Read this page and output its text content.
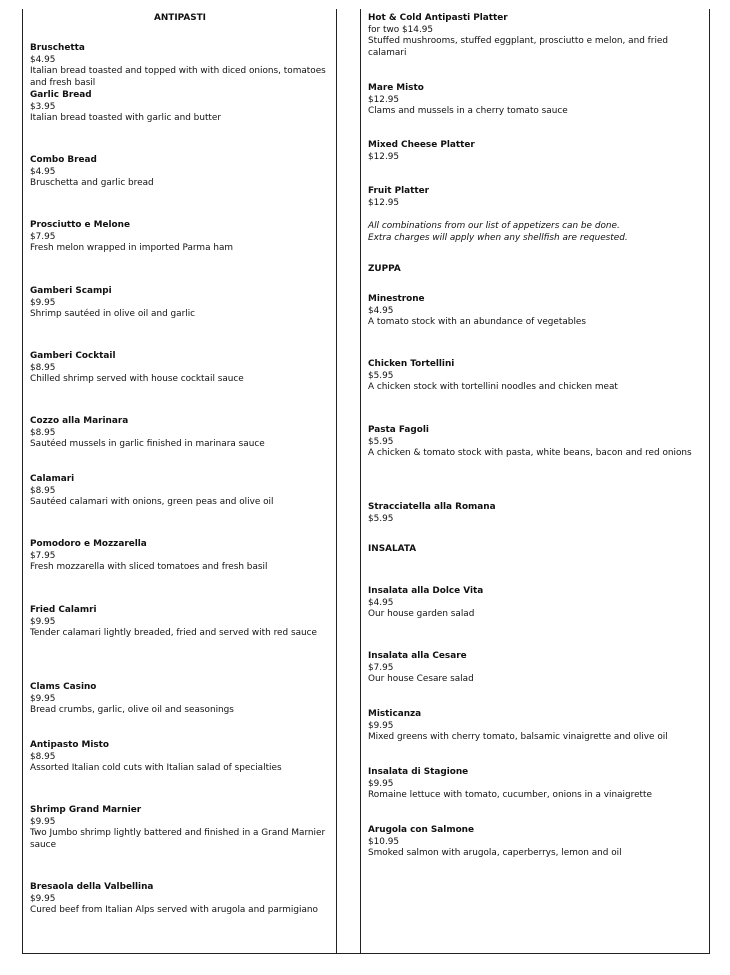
ANTIPASTI
Bruschetta
$4.95
Italian bread toasted and topped with with diced onions, tomatoes and fresh basil
Garlic Bread
$3.95
Italian bread toasted with garlic and butter
Combo Bread
$4.95
Bruschetta and garlic bread
Prosciutto e Melone
$7.95
Fresh melon wrapped in imported Parma ham
Gamberi Scampi
$9.95
Shrimp sautéed in olive oil and garlic
Gamberi Cocktail
$8.95
Chilled shrimp served with house cocktail sauce
Cozzo alla Marinara
$8.95
Sautéed mussels in garlic finished in marinara sauce
Calamari
$8.95
Sautéed calamari with onions, green peas and olive oil
Pomodoro e Mozzarella
$7.95
Fresh mozzarella with sliced tomatoes and fresh basil
Fried Calamri
$9.95
Tender calamari lightly breaded, fried and served with red sauce
Clams Casino
$9.95
Bread crumbs, garlic, olive oil and seasonings
Antipasto Misto
$8.95
Assorted Italian cold cuts with Italian salad of specialties
Shrimp Grand Marnier
$9.95
Two Jumbo shrimp lightly battered and finished in a Grand Marnier sauce
Bresaola della Valbellina
$9.95
Cured beef from Italian Alps served with arugola and parmigiano
Hot & Cold Antipasti Platter
for two $14.95
Stuffed mushrooms, stuffed eggplant, prosciutto e melon, and fried calamari
Mare Misto
$12.95
Clams and mussels in a cherry tomato sauce
Mixed Cheese Platter
$12.95
Fruit Platter
$12.95
All combinations from our list of appetizers can be done.
Extra charges will apply when any shellfish are requested.
ZUPPA
Minestrone
$4.95
A tomato stock with an abundance of vegetables
Chicken Tortellini
$5.95
A chicken stock with tortellini noodles and chicken meat
Pasta Fagoli
$5.95
A chicken & tomato stock with pasta, white beans, bacon and red onions
Stracciatella alla Romana
$5.95
INSALATA
Insalata alla Dolce Vita
$4.95
Our house garden salad
Insalata alla Cesare
$7.95
Our house Cesare salad
Misticanza
$9.95
Mixed greens with cherry tomato, balsamic vinaigrette and olive oil
Insalata di Stagione
$9.95
Romaine lettuce with tomato, cucumber, onions in a vinaigrette
Arugola con Salmone
$10.95
Smoked salmon with arugola, caperberrys, lemon and oil
